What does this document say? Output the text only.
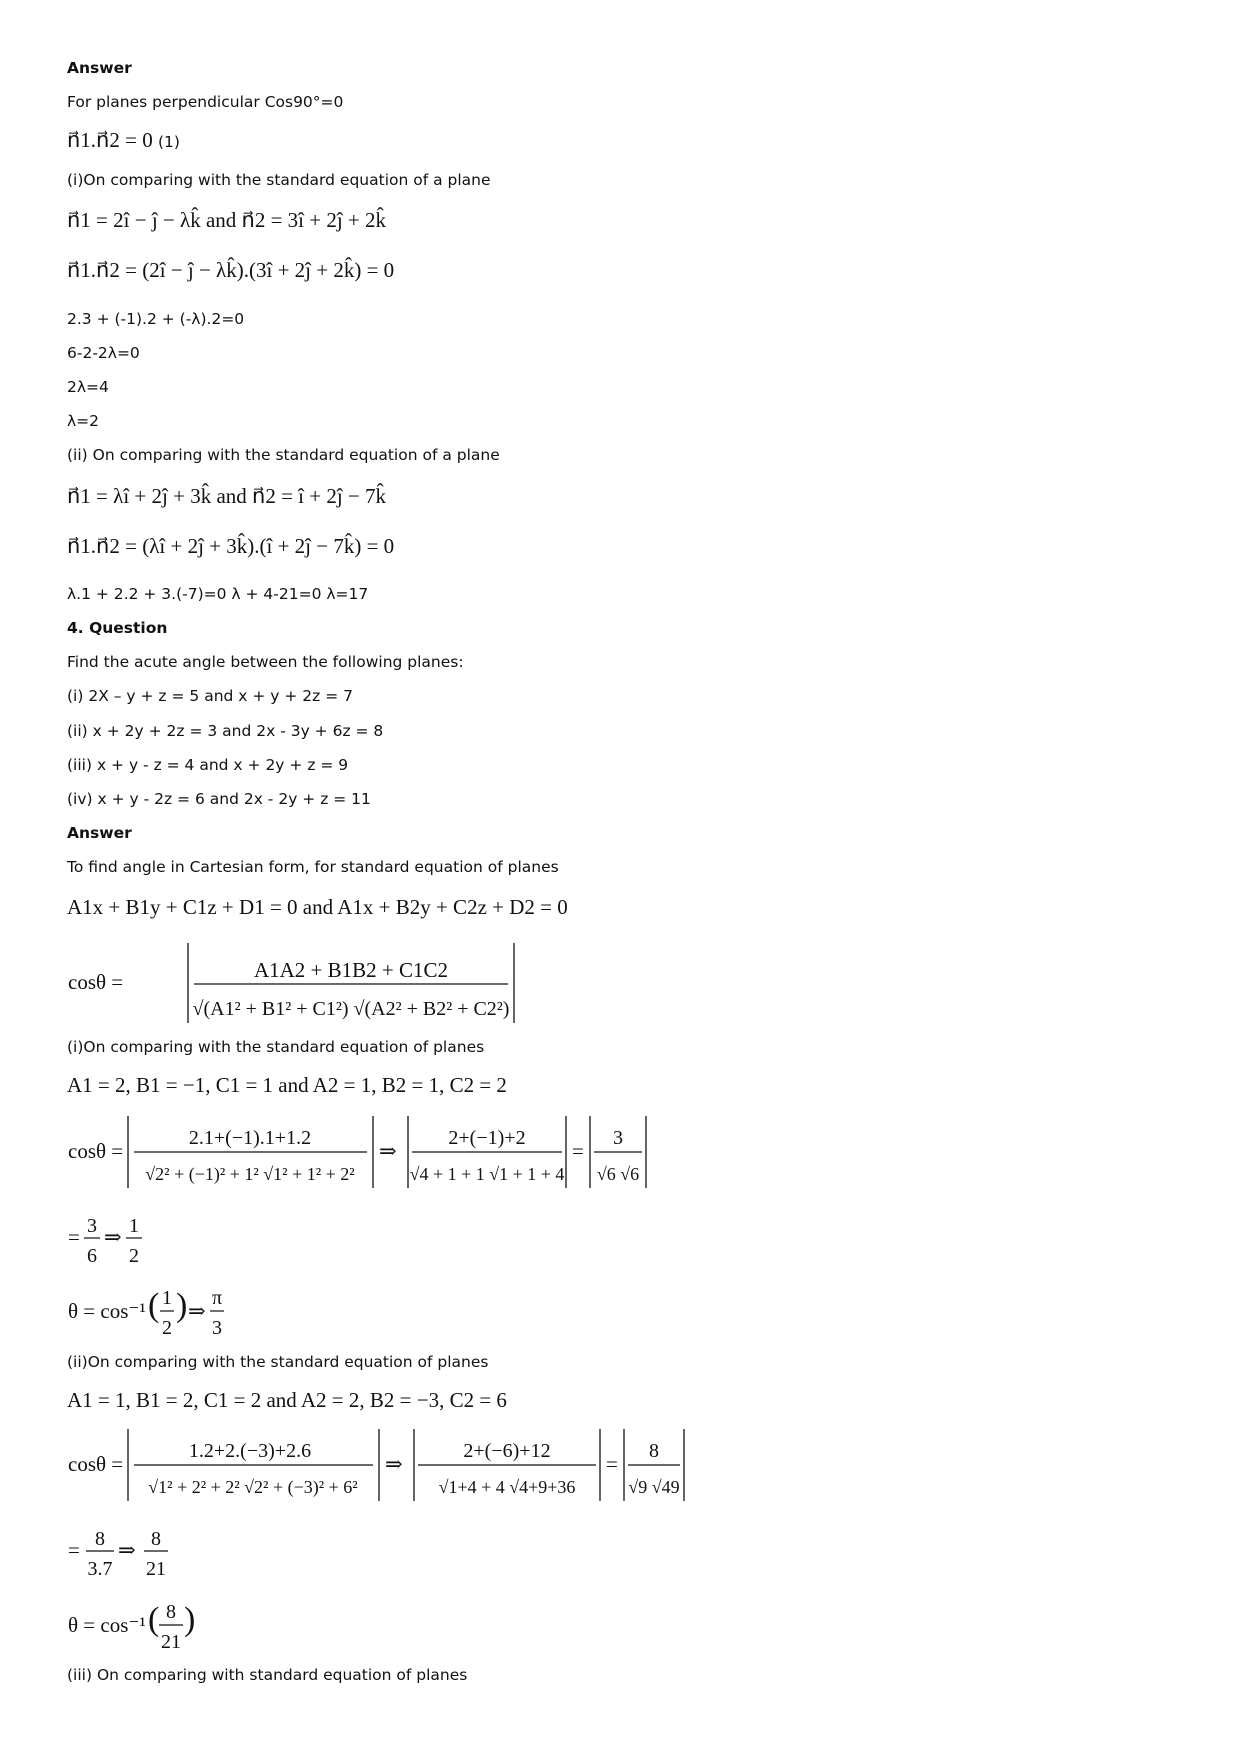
Answer
For planes perpendicular Cos90°=0
n⃗1.n⃗2 = 0 (1)
(i)On comparing with the standard equation of a plane
n⃗1 = 2î − ĵ − λk̂ and n⃗2 = 3î + 2ĵ + 2k̂
n⃗1.n⃗2 = (2î − ĵ − λk̂).(3î + 2ĵ + 2k̂) = 0
2.3 + (-1).2 + (-λ).2=0
6-2-2λ=0
2λ=4
λ=2
(ii) On comparing with the standard equation of a plane
n⃗1 = λî + 2ĵ + 3k̂ and n⃗2 = î + 2ĵ − 7k̂
n⃗1.n⃗2 = (λî + 2ĵ + 3k̂).(î + 2ĵ − 7k̂) = 0
λ.1 + 2.2 + 3.(-7)=0 λ + 4-21=0 λ=17
4. Question
Find the acute angle between the following planes:
(i) 2X – y + z = 5 and x + y + 2z = 7
(ii) x + 2y + 2z = 3 and 2x - 3y + 6z = 8
(iii) x + y - z = 4 and x + 2y + z = 9
(iv) x + y - 2z = 6 and 2x - 2y + z = 11
Answer
To find angle in Cartesian form, for standard equation of planes
A1x + B1y + C1z + D1 = 0 and A1x + B2y + C2z + D2 = 0
cosθ =	A1A2 + B1B2 + C1C2
√(A1² + B1² + C1²) √(A2² + B2² + C2²)
(i)On comparing with the standard equation of planes
A1 = 2, B1 = −1, C1 = 1 and A2 = 1, B2 = 1, C2 = 2
cosθ =
2.1+(−1).1+1.2
√2² + (−1)² + 1² √1² + 1² + 2²
⇒
2+(−1)+2
√4 + 1 + 1 √1 + 1 + 4
=
3
√6 √6
= 3
6
⇒ 1
2
θ = cos⁻¹ ( 1
2
) ⇒
π
3
(ii)On comparing with the standard equation of planes
A1 = 1, B1 = 2, C1 = 2 and A2 = 2, B2 = −3, C2 = 6
cosθ =
1.2+2.(−3)+2.6
√1² + 2² + 2² √2² + (−3)² + 6²
⇒
2+(−6)+12
√1+4 + 4 √4+9+36
=
8
√9 √49
= 8
3.7
⇒ 8
21
θ = cos⁻¹ ( 8
21
)
(iii) On comparing with standard equation of planes
